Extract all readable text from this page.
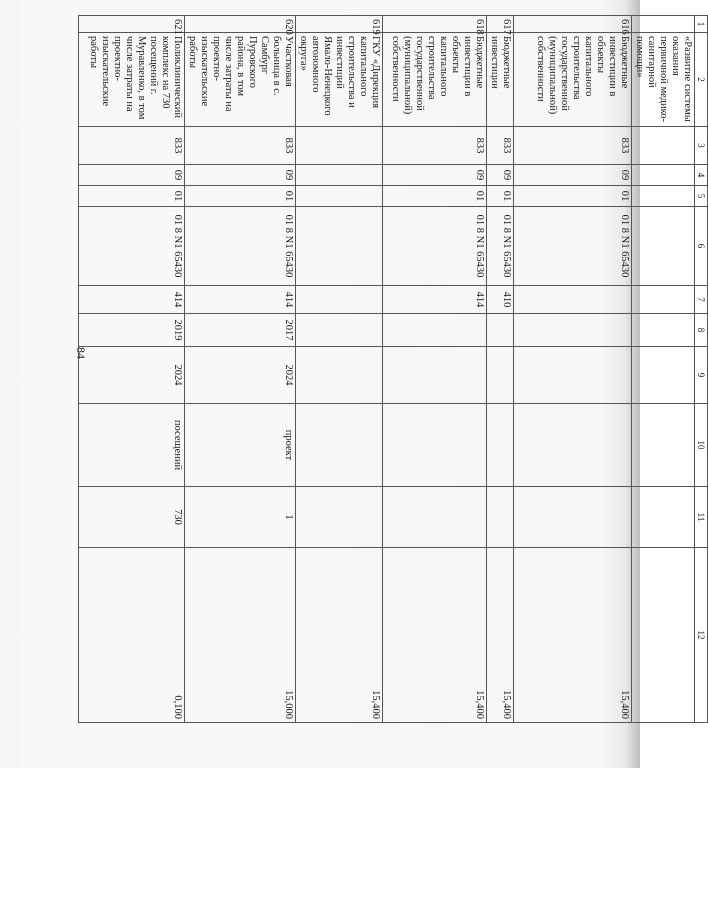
84
1	2	3	4	5	6	7	8	9	10	11	12
	«Развитие системы оказания первичной медико-санитарной помощи»										
616	Бюджетные инвестиции в объекты капитального строительства государственной (муниципальной) собственности	833	09	01	01 8 N1 65430						15,400
617	Бюджетные инвестиции	833	09	01	01 8 N1 65430	410					15,400
618	Бюджетные инвестиции в объекты капитального строительства государственной (муниципальной) собственности	833	09	01	01 8 N1 65430	414					15,400
619	ГКУ «Дирекция капитального строительства и инвестиций Ямало-Ненецкого автономного округа»										15,400
620	Участковая больница в с. Самбург Пуровского района, в том числе затраты на проектно-изыскательские работы	833	09	01	01 8 N1 65430	414	2017	2024	проект	1	15,000
621	Поликлинический комплекс на 730 посещений г. Муравленко, в том числе затраты на проектно-изыскательские работы	833	09	01	01 8 N1 65430	414	2019	2024	посещений	730	0,100
